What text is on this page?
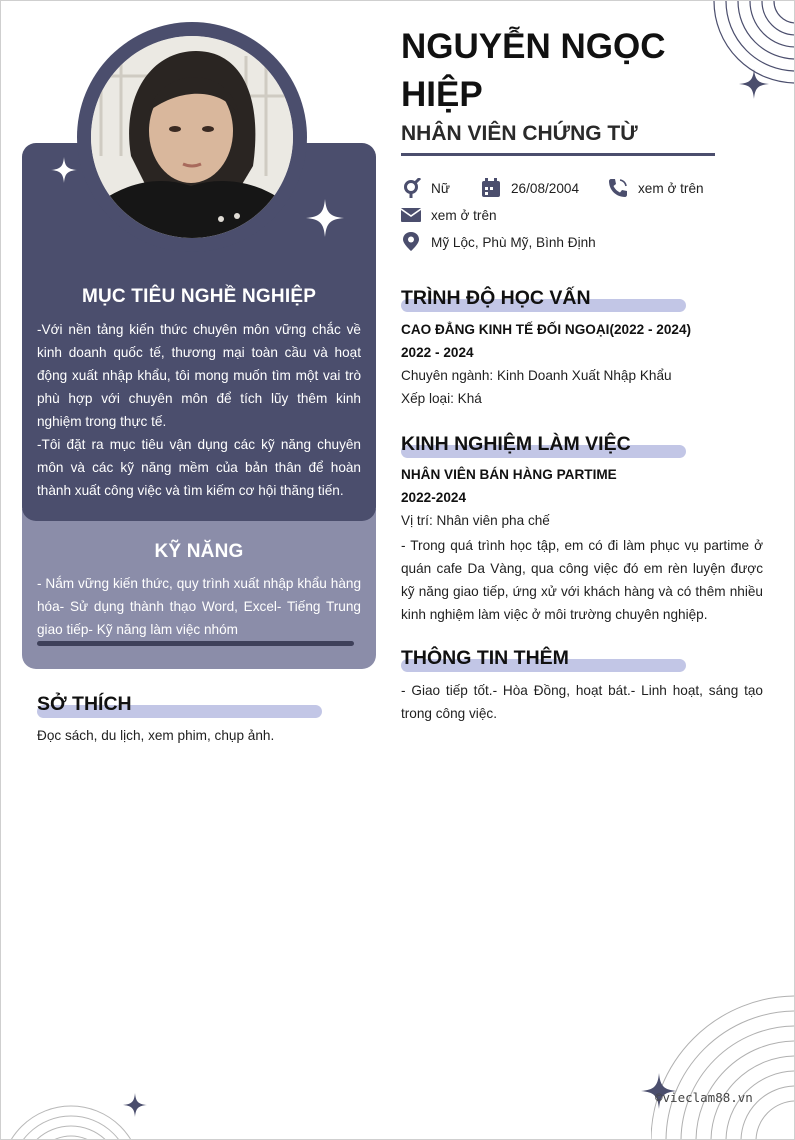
MỤC TIÊU NGHỀ NGHIỆP
-Với nền tảng kiến thức chuyên môn vững chắc về kinh doanh quốc tế, thương mại toàn cầu và hoạt động xuất nhập khẩu, tôi mong muốn tìm một vai trò phù hợp với chuyên môn để tích lũy thêm kinh nghiệm trong thực tế.
-Tôi đặt ra mục tiêu vận dụng các kỹ năng chuyên môn và các kỹ năng mềm của bản thân để hoàn thành xuất công việc và tìm kiếm cơ hội thăng tiến.
KỸ NĂNG
- Nắm vững kiến thức, quy trình xuất nhập khẩu hàng hóa- Sử dụng thành thạo Word, Excel- Tiếng Trung giao tiếp- Kỹ năng làm việc nhóm
SỞ THÍCH
Đọc sách, du lịch, xem phim, chụp ảnh.
NGUYỄN NGỌC
HIỆP
NHÂN VIÊN CHỨNG TỪ
Nữ	26/08/2004	xem ở trên
xem ở trên
Mỹ Lộc, Phù Mỹ, Bình Định
TRÌNH ĐỘ HỌC VẤN
CAO ĐẲNG KINH TẾ ĐỐI NGOẠI(2022 - 2024)
2022 - 2024
Chuyên ngành: Kinh Doanh Xuất Nhập Khẩu
Xếp loại: Khá
KINH NGHIỆM LÀM VIỆC
NHÂN VIÊN BÁN HÀNG PARTIME
2022-2024
Vị trí: Nhân viên pha chế
- Trong quá trình học tập, em có đi làm phục vụ partime ở quán cafe Da Vàng, qua công việc đó em rèn luyện được kỹ năng giao tiếp, ứng xử với khách hàng và có thêm nhiều kinh nghiệm làm việc ở môi trường chuyên nghiệp.
THÔNG TIN THÊM
- Giao tiếp tốt.- Hòa Đồng, hoạt bát.- Linh hoạt, sáng tạo trong công việc.
©vieclam88.vn
